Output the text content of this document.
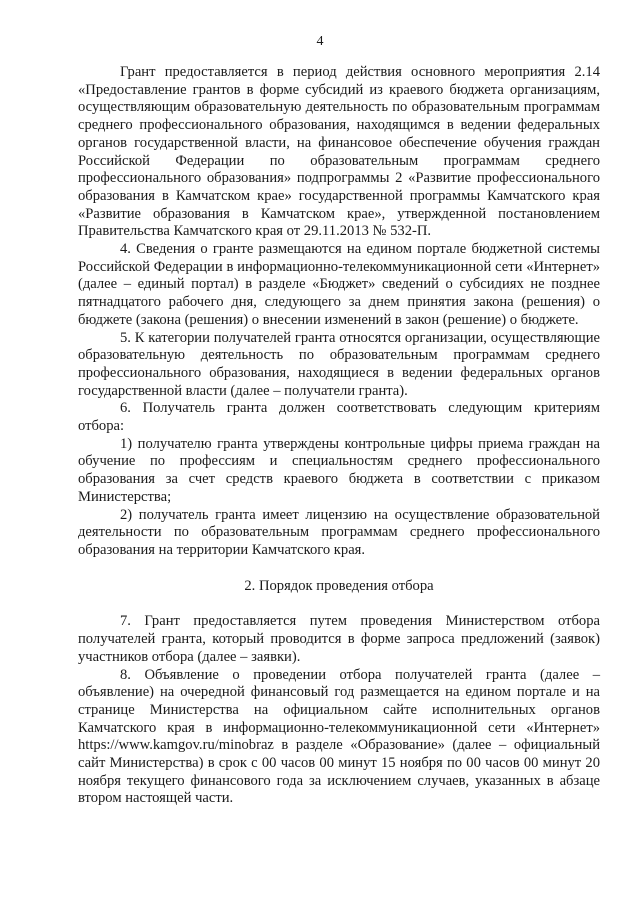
4

Грант предоставляется в период действия основного мероприятия 2.14 «Предоставление грантов в форме субсидий из краевого бюджета организациям, осуществляющим образовательную деятельность по образовательным программам среднего профессионального образования, находящимся в ведении федеральных органов государственной власти, на финансовое обеспечение обучения граждан Российской Федерации по образовательным программам среднего профессионального образования» подпрограммы 2 «Развитие профессионального образования в Камчатском крае» государственной программы Камчатского края «Развитие образования в Камчатском крае», утвержденной постановлением Правительства Камчатского края от 29.11.2013 № 532-П.

4. Сведения о гранте размещаются на едином портале бюджетной системы Российской Федерации в информационно-телекоммуникационной сети «Интернет» (далее – единый портал) в разделе «Бюджет» сведений о субсидиях не позднее пятнадцатого рабочего дня, следующего за днем принятия закона (решения) о бюджете (закона (решения) о внесении изменений в закон (решение) о бюджете.

5. К категории получателей гранта относятся организации, осуществляющие образовательную деятельность по образовательным программам среднего профессионального образования, находящиеся в ведении федеральных органов государственной власти (далее – получатели гранта).

6. Получатель гранта должен соответствовать следующим критериям отбора:

1) получателю гранта утверждены контрольные цифры приема граждан на обучение по профессиям и специальностям среднего профессионального образования за счет средств краевого бюджета в соответствии с приказом Министерства;

2) получатель гранта имеет лицензию на осуществление образовательной деятельности по образовательным программам среднего профессионального образования на территории Камчатского края.

2. Порядок проведения отбора

7. Грант предоставляется путем проведения Министерством отбора получателей гранта, который проводится в форме запроса предложений (заявок) участников отбора (далее – заявки).

8. Объявление о проведении отбора получателей гранта (далее – объявление) на очередной финансовый год размещается на едином портале и на странице Министерства на официальном сайте исполнительных органов Камчатского края в информационно-телекоммуникационной сети «Интернет» https://www.kamgov.ru/minobraz в разделе «Образование» (далее – официальный сайт Министерства) в срок с 00 часов 00 минут 15 ноября по 00 часов 00 минут 20 ноября текущего финансового года за исключением случаев, указанных в абзаце втором настоящей части.
